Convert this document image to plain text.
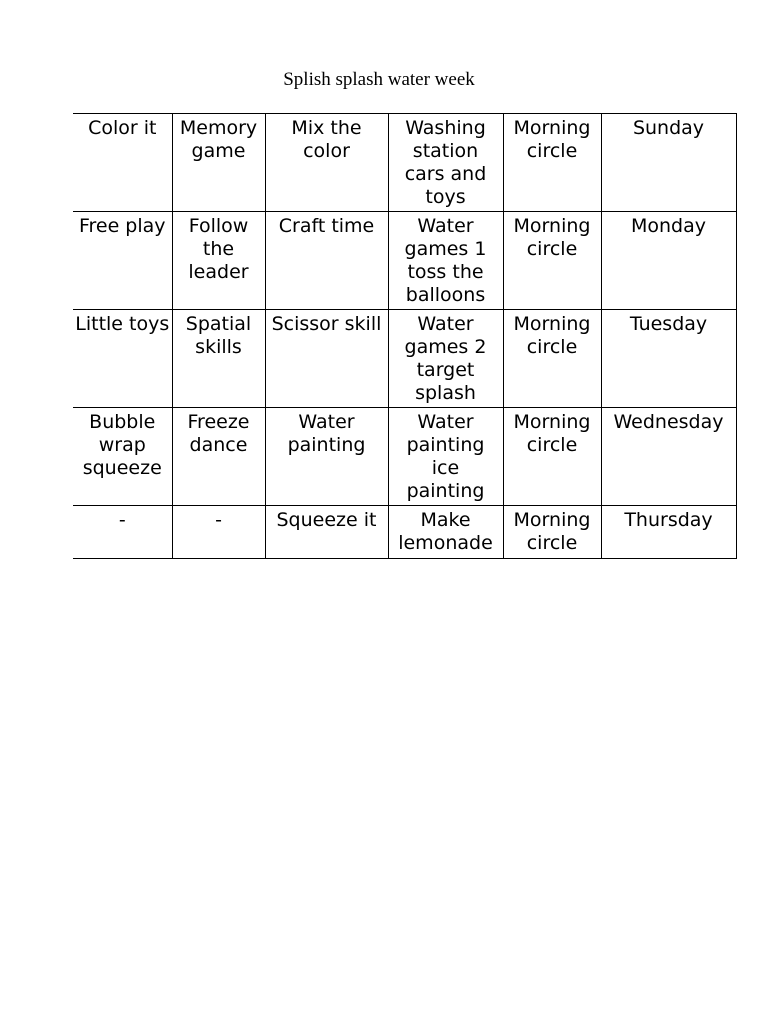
Splish splash water week
Color it	Memory game	Mix the color	Washing station cars and toys	Morning circle	Sunday
Free play	Follow the leader	Craft time	Water games 1 toss the balloons	Morning circle	Monday
Little toys	Spatial skills	Scissor skill	Water games 2 target splash	Morning circle	Tuesday
Bubble wrap squeeze	Freeze dance	Water painting	Water painting ice painting	Morning circle	Wednesday
-	-	Squeeze it	Make lemonade	Morning circle	Thursday
